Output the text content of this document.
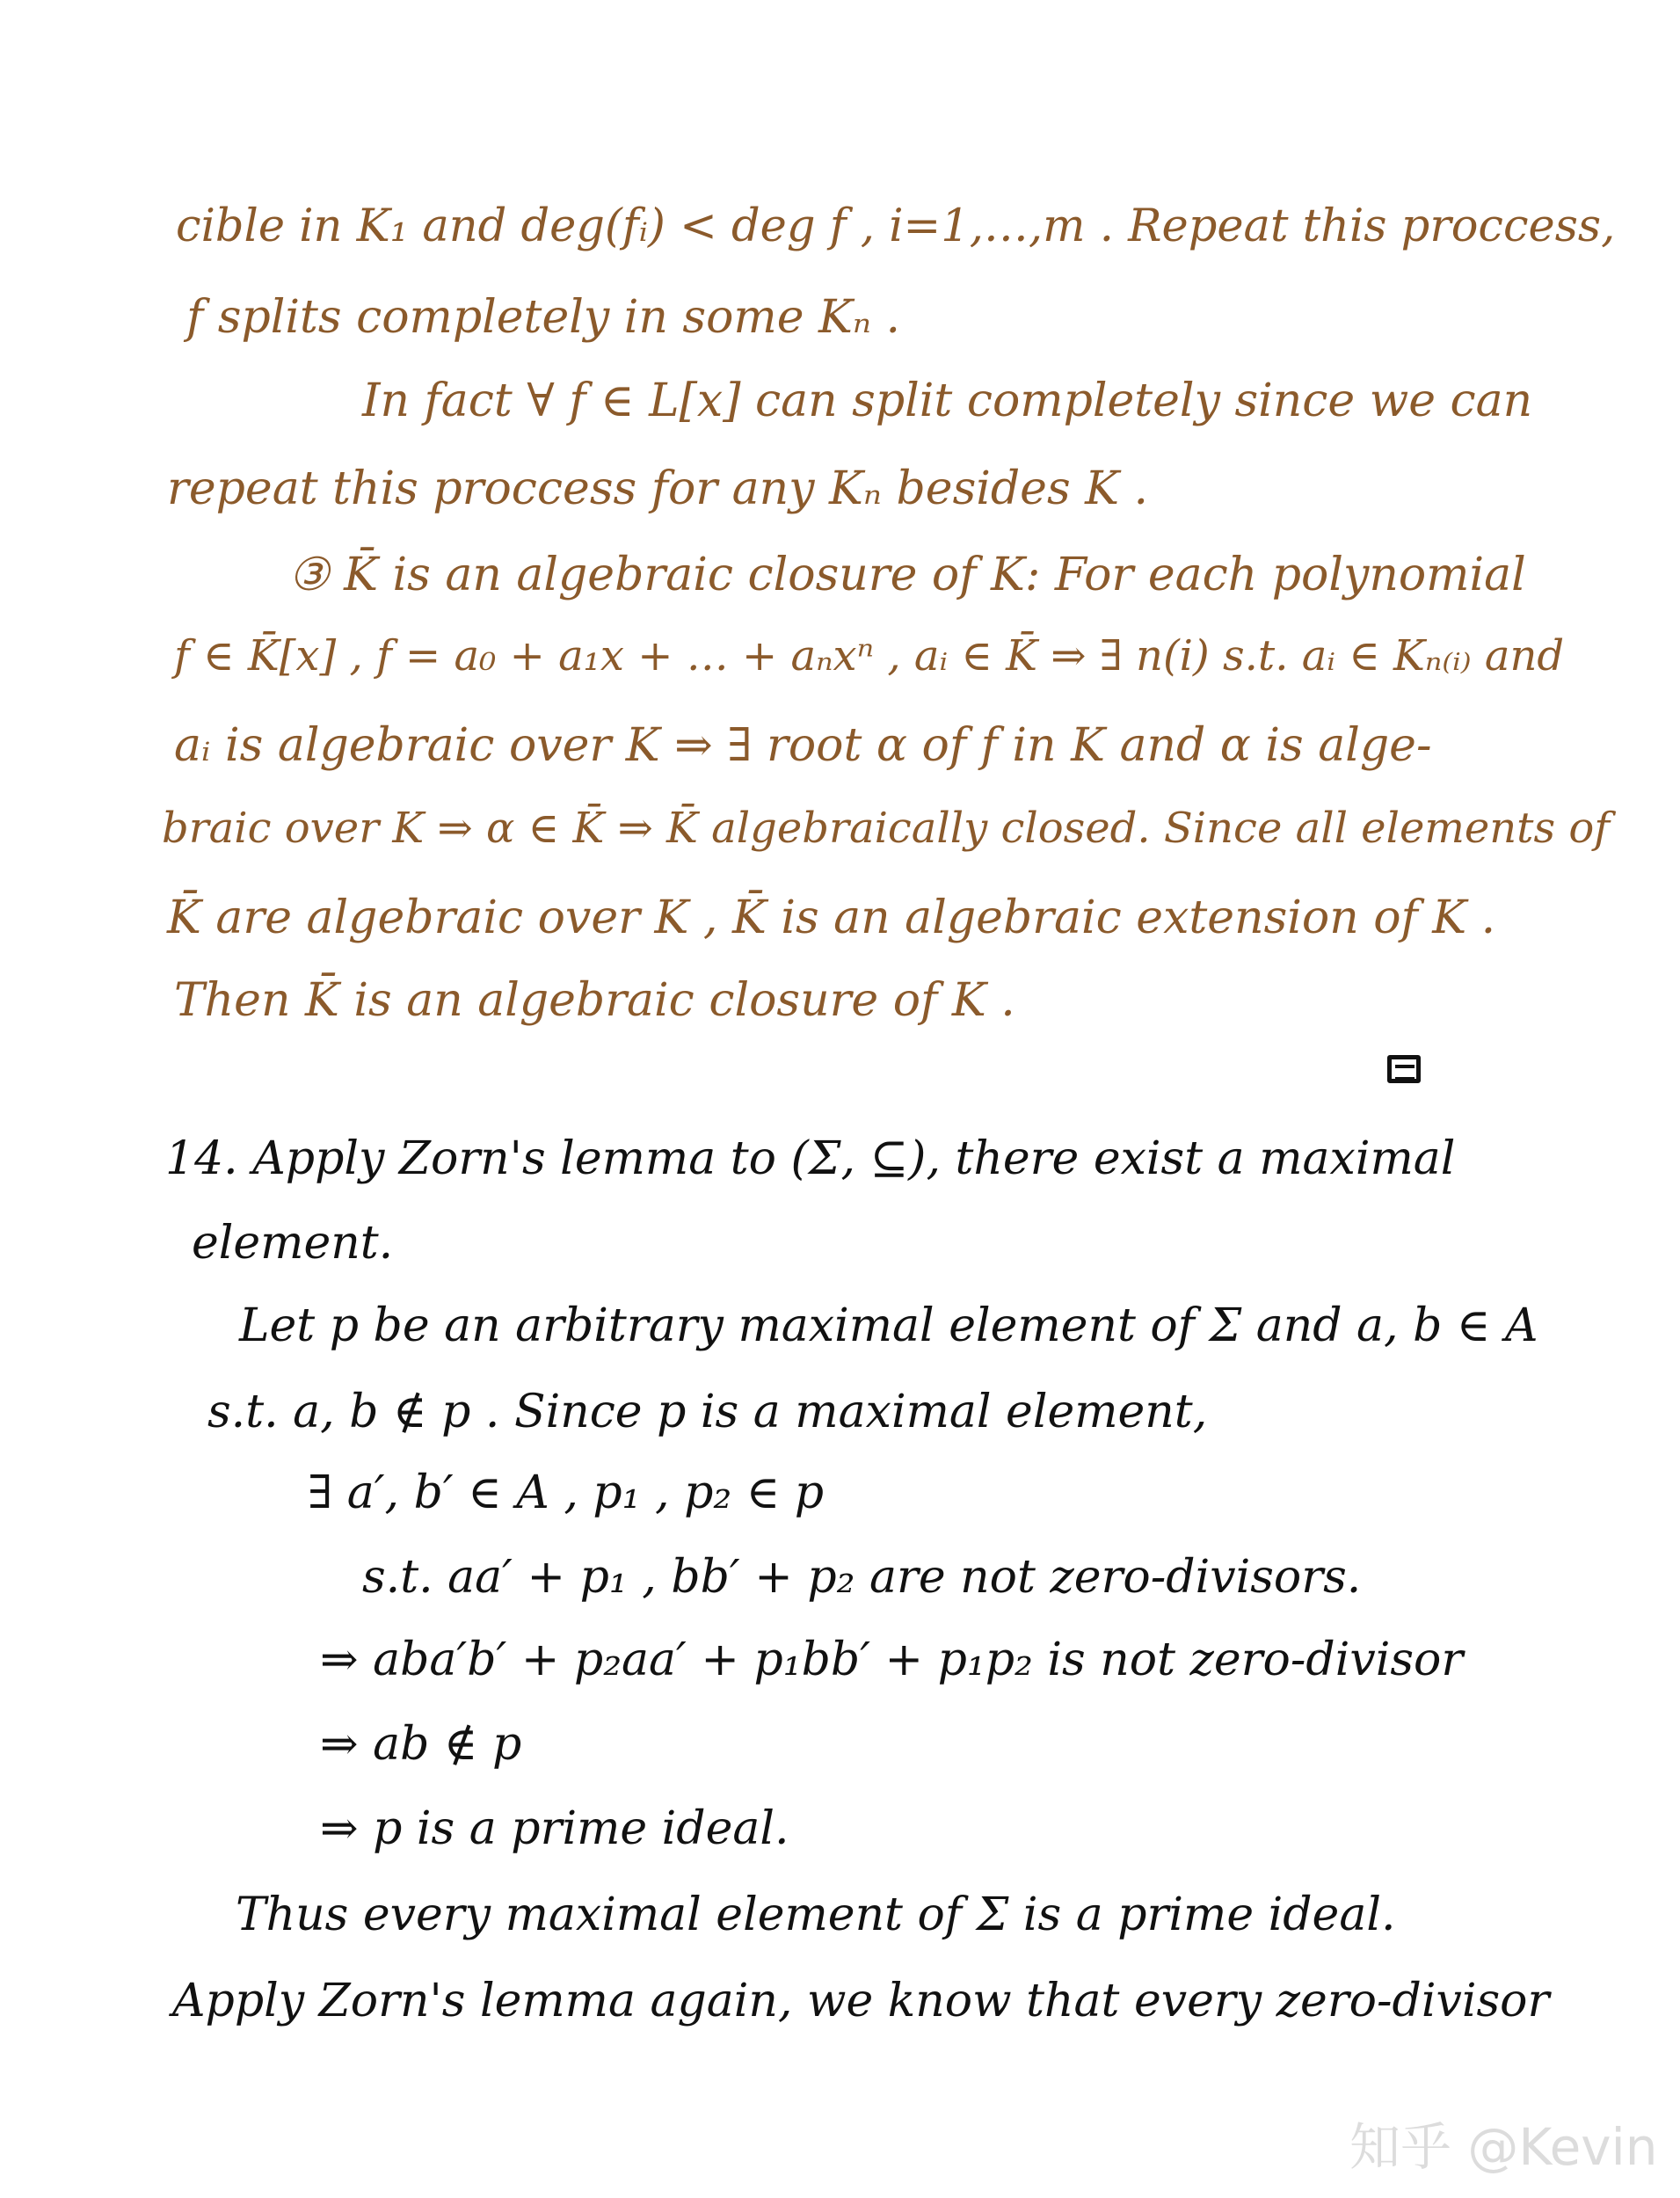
cible in K₁ and deg(fᵢ) < deg f , i=1,…,m . Repeat this proccess,
f splits completely in some Kₙ .
In fact ∀ f ∈ L[x] can split completely since we can
repeat this proccess for any Kₙ besides K .
③ K̄ is an algebraic closure of K: For each polynomial
f ∈ K̄[x] , f = a₀ + a₁x + … + aₙxⁿ , aᵢ ∈ K̄ ⇒ ∃ n(i) s.t. aᵢ ∈ Kₙ₍ᵢ₎ and
aᵢ is algebraic over K ⇒ ∃ root α of f in K and α is alge-
braic over K ⇒ α ∈ K̄ ⇒ K̄ algebraically closed. Since all elements of
K̄ are algebraic over K , K̄ is an algebraic extension of K .
Then K̄ is an algebraic closure of K .
14. Apply Zorn's lemma to (Σ, ⊆), there exist a maximal
element.
Let p be an arbitrary maximal element of Σ and a, b ∈ A
s.t. a, b ∉ p . Since p is a maximal element,
∃ a′, b′ ∈ A , p₁ , p₂ ∈ p
s.t. aa′ + p₁ , bb′ + p₂ are not zero-divisors.
⇒ aba′b′ + p₂aa′ + p₁bb′ + p₁p₂ is not zero-divisor
⇒ ab ∉ p
⇒ p is a prime ideal.
Thus every maximal element of Σ is a prime ideal.
Apply Zorn's lemma again, we know that every zero-divisor
知乎 @Kevin
